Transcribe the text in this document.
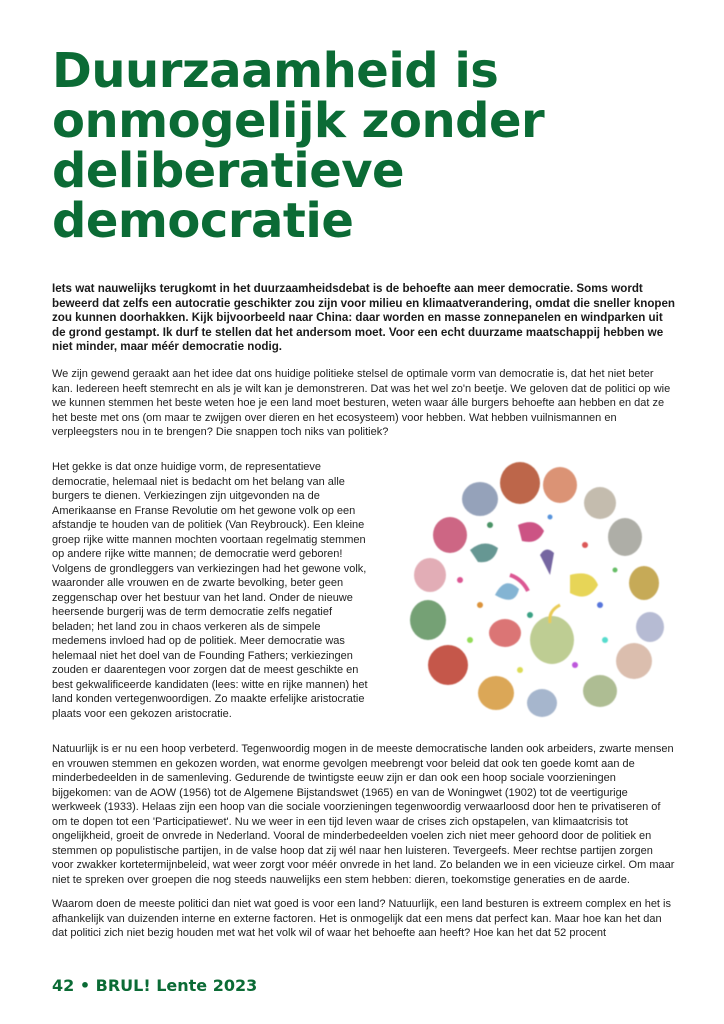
Duurzaamheid is
onmogelijk zonder
deliberatieve
democratie

Iets wat nauwelijks terugkomt in het duurzaamheidsdebat is de behoefte aan meer democratie. Soms wordt beweerd dat zelfs een autocratie geschikter zou zijn voor milieu en klimaatverandering, omdat die sneller knopen zou kunnen doorhakken. Kijk bijvoorbeeld naar China: daar worden en masse zonnepanelen en windparken uit de grond gestampt. Ik durf te stellen dat het andersom moet. Voor een echt duurzame maatschappij hebben we niet minder, maar méér democratie nodig.

We zijn gewend geraakt aan het idee dat ons huidige politieke stelsel de optimale vorm van democratie is, dat het niet beter kan. Iedereen heeft stemrecht en als je wilt kan je demonstreren. Dat was het wel zo'n beetje. We geloven dat de politici op wie we kunnen stemmen het beste weten hoe je een land moet besturen, weten waar álle burgers behoefte aan hebben en dat ze het beste met ons (om maar te zwijgen over dieren en het ecosysteem) voor hebben. Wat hebben vuilnismannen en verpleegsters nou in te brengen? Die snappen toch niks van politiek?

Het gekke is dat onze huidige vorm, de representatieve democratie, helemaal niet is bedacht om het belang van alle burgers te dienen. Verkiezingen zijn uitgevonden na de Amerikaanse en Franse Revolutie om het gewone volk op een afstandje te houden van de politiek (Van Reybrouck). Een kleine groep rijke witte mannen mochten voortaan regelmatig stemmen op andere rijke witte mannen; de democratie werd geboren! Volgens de grondleggers van verkiezingen had het gewone volk, waaronder alle vrouwen en de zwarte bevolking, beter geen zeggenschap over het bestuur van het land. Onder de nieuwe heersende burgerij was de term democratie zelfs negatief beladen; het land zou in chaos verkeren als de simpele medemens invloed had op de politiek. Meer democratie was helemaal niet het doel van de Founding Fathers; verkiezingen zouden er daarentegen voor zorgen dat de meest geschikte en best gekwalificeerde kandidaten (lees: witte en rijke mannen) het land konden vertegenwoordigen. Zo maakte erfelijke aristocratie plaats voor een gekozen aristocratie.

Natuurlijk is er nu een hoop verbeterd. Tegenwoordig mogen in de meeste democratische landen ook arbeiders, zwarte mensen en vrouwen stemmen en gekozen worden, wat enorme gevolgen meebrengt voor beleid dat ook ten goede komt aan de minderbedeelden in de samenleving. Gedurende de twintigste eeuw zijn er dan ook een hoop sociale voorzieningen bijgekomen: van de AOW (1956) tot de Algemene Bijstandswet (1965) en van de Woningwet (1902) tot de veertigurige werkweek (1933). Helaas zijn een hoop van die sociale voorzieningen tegenwoordig verwaarloosd door hen te privatiseren of om te dopen tot een 'Participatiewet'. Nu we weer in een tijd leven waar de crises zich opstapelen, van klimaatcrisis tot ongelijkheid, groeit de onvrede in Nederland. Vooral de minderbedeelden voelen zich niet meer gehoord door de politiek en stemmen op populistische partijen, in de valse hoop dat zij wél naar hen luisteren. Tevergeefs. Meer rechtse partijen zorgen voor zwakker kortetermijnbeleid, wat weer zorgt voor méér onvrede in het land. Zo belanden we in een vicieuze cirkel. Om maar niet te spreken over groepen die nog steeds nauwelijks een stem hebben: dieren, toekomstige generaties en de aarde.

Waarom doen de meeste politici dan niet wat goed is voor een land? Natuurlijk, een land besturen is extreem complex en het is afhankelijk van duizenden interne en externe factoren. Het is onmogelijk dat een mens dat perfect kan. Maar hoe kan het dan dat politici zich niet bezig houden met wat het volk wil of waar het behoefte aan heeft? Hoe kan het dat 52 procent

42 • BRUL! Lente 2023
